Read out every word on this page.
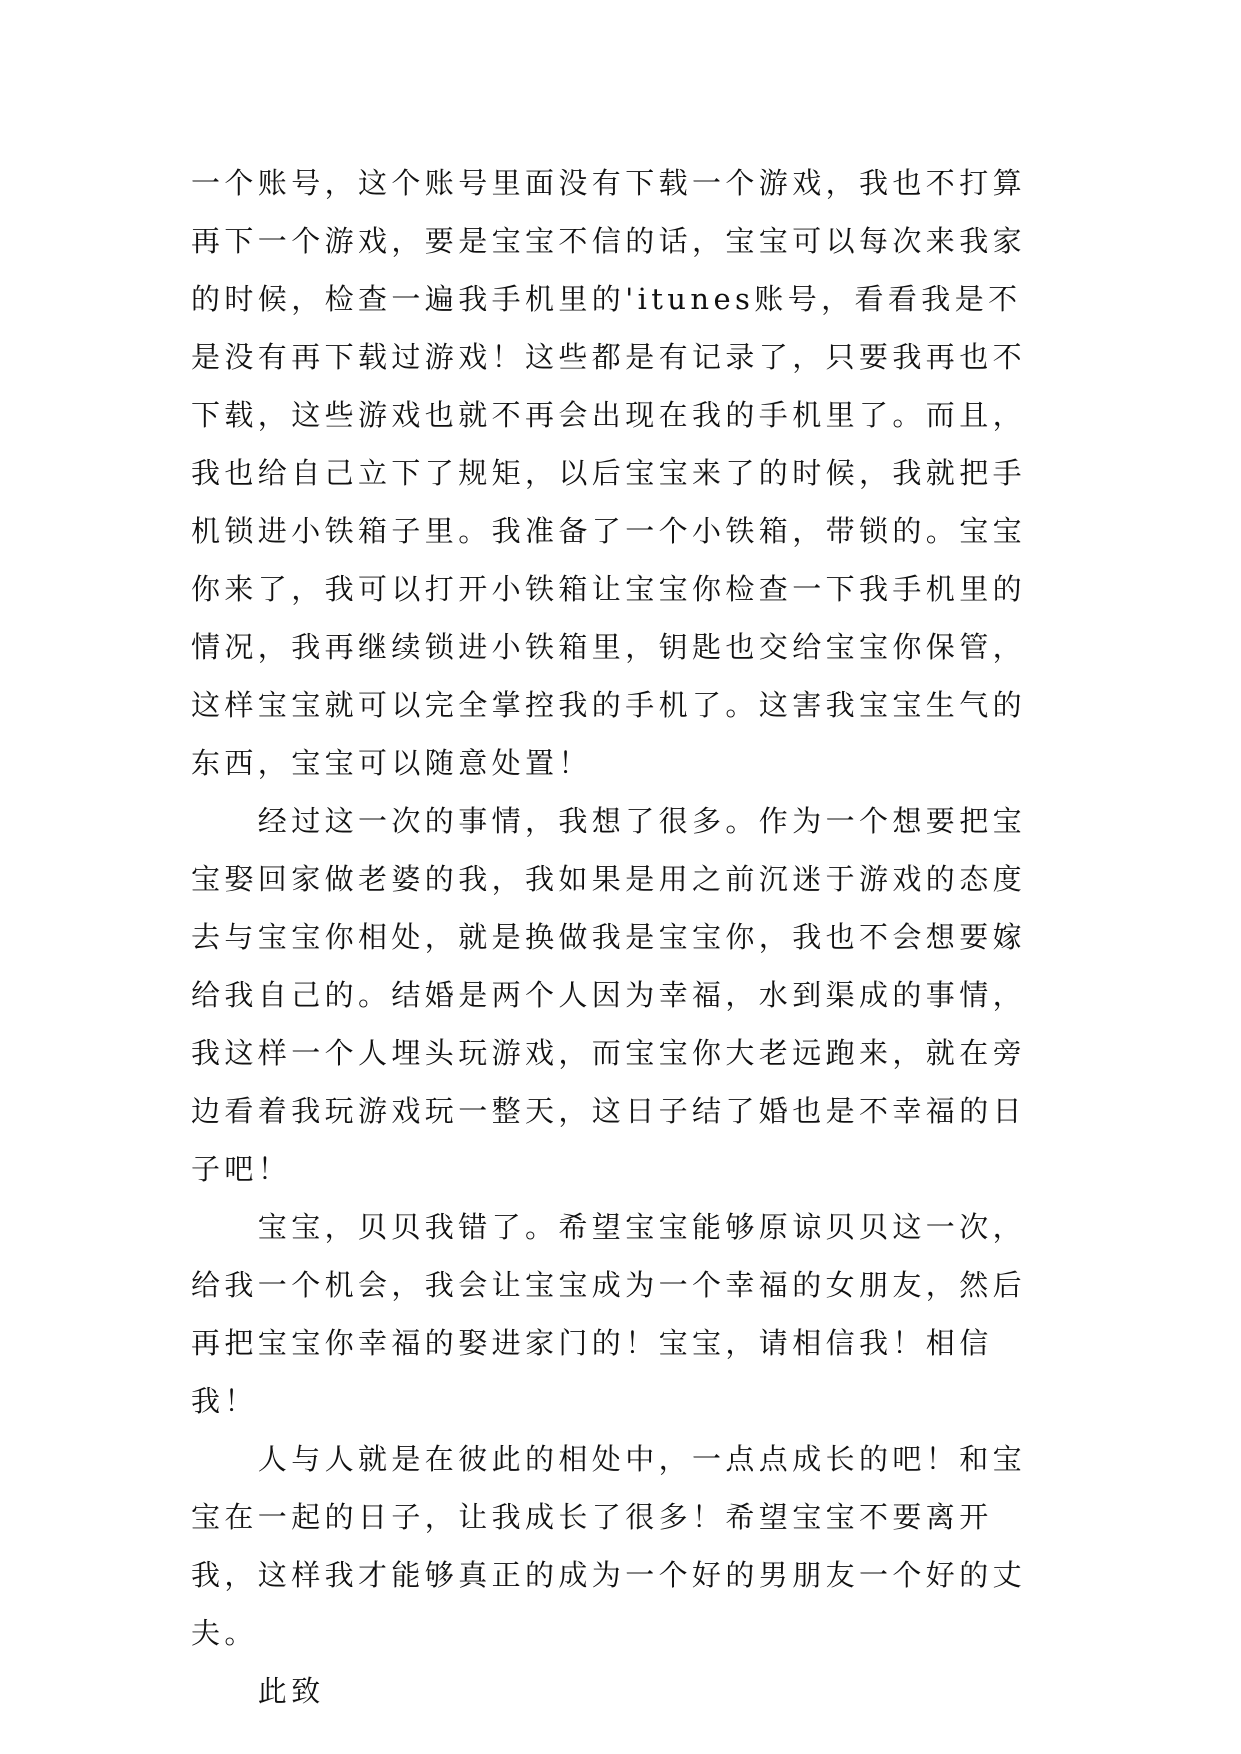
一个账号，这个账号里面没有下载一个游戏，我也不打算再下一个游戏，要是宝宝不信的话，宝宝可以每次来我家的时候，检查一遍我手机里的'itunes账号，看看我是不是没有再下载过游戏！这些都是有记录了，只要我再也不下载，这些游戏也就不再会出现在我的手机里了。而且，我也给自己立下了规矩，以后宝宝来了的时候，我就把手机锁进小铁箱子里。我准备了一个小铁箱，带锁的。宝宝你来了，我可以打开小铁箱让宝宝你检查一下我手机里的情况，我再继续锁进小铁箱里，钥匙也交给宝宝你保管，这样宝宝就可以完全掌控我的手机了。这害我宝宝生气的东西，宝宝可以随意处置！

　　经过这一次的事情，我想了很多。作为一个想要把宝宝娶回家做老婆的我，我如果是用之前沉迷于游戏的态度去与宝宝你相处，就是换做我是宝宝你，我也不会想要嫁给我自己的。结婚是两个人因为幸福，水到渠成的事情，我这样一个人埋头玩游戏，而宝宝你大老远跑来，就在旁边看着我玩游戏玩一整天，这日子结了婚也是不幸福的日子吧！

　　宝宝，贝贝我错了。希望宝宝能够原谅贝贝这一次，给我一个机会，我会让宝宝成为一个幸福的女朋友，然后再把宝宝你幸福的娶进家门的！宝宝，请相信我！相信我！

　　人与人就是在彼此的相处中，一点点成长的吧！和宝宝在一起的日子，让我成长了很多！希望宝宝不要离开我，这样我才能够真正的成为一个好的男朋友一个好的丈夫。

　　此致
